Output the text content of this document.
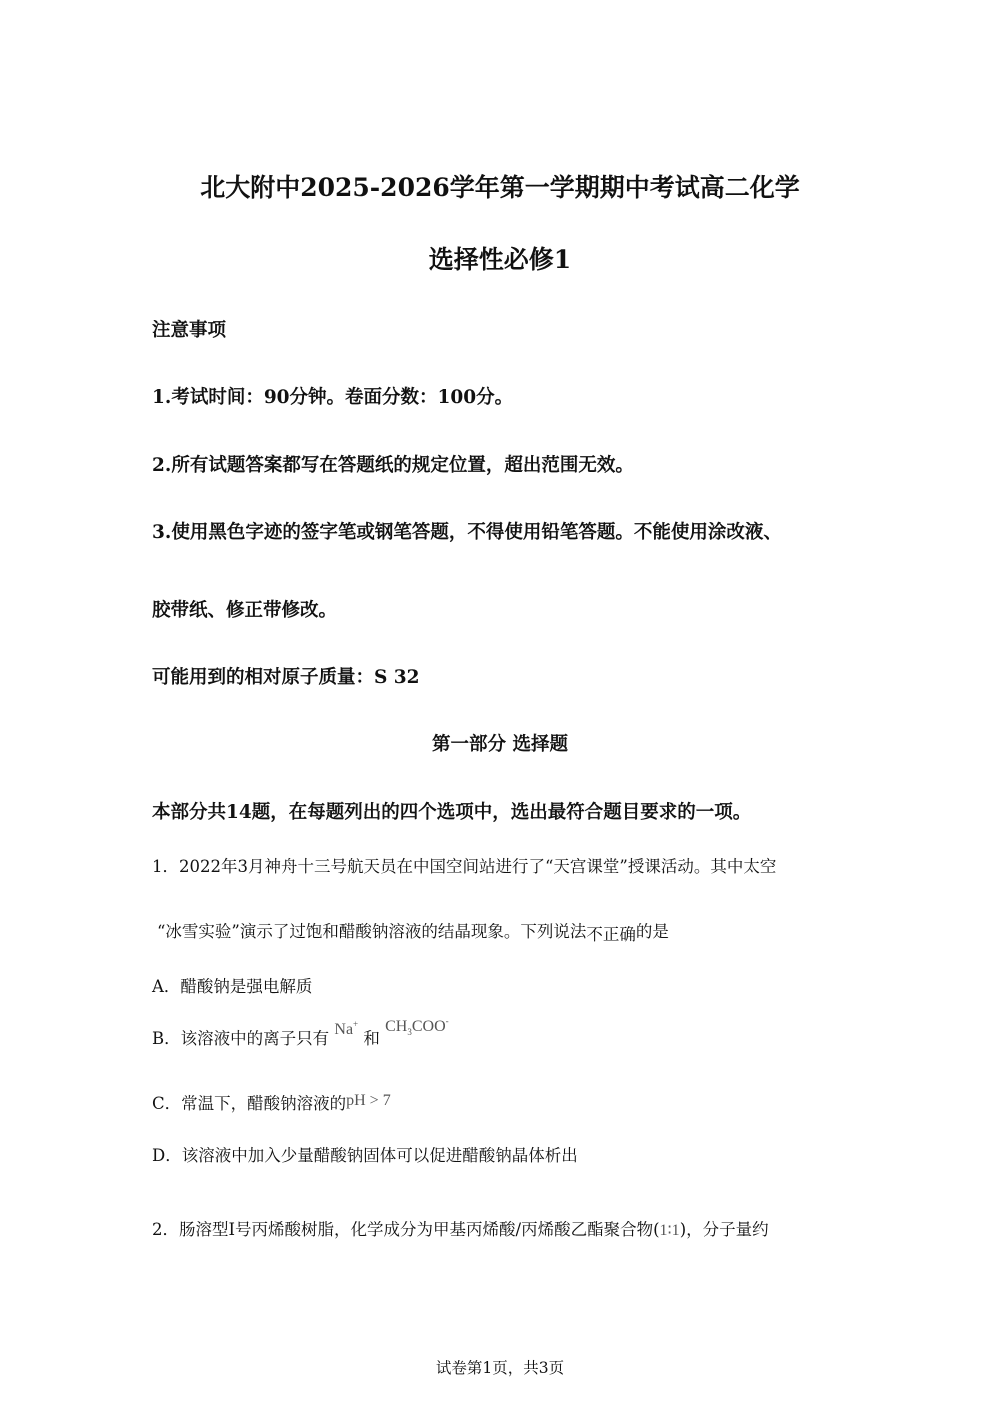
北大附中2025-2026学年第一学期期中考试高二化学
选择性必修1
注意事项
1.考试时间：90分钟。卷面分数：100分。
2.所有试题答案都写在答题纸的规定位置，超出范围无效。
3.使用黑色字迹的签字笔或钢笔答题，不得使用铅笔答题。不能使用涂改液、
胶带纸、修正带修改。
可能用到的相对原子质量：S 32
第一部分 选择题
本部分共14题，在每题列出的四个选项中，选出最符合题目要求的一项。
1．2022年3月神舟十三号航天员在中国空间站进行了“天宫课堂”授课活动。其中太空
“冰雪实验”演示了过饱和醋酸钠溶液的结晶现象。下列说法不正确的是
A．醋酸钠是强电解质
B．该溶液中的离子只有 Na+ 和 $CH_3COO^-$
C．常温下，醋酸钠溶液的pH > 7
D．该溶液中加入少量醋酸钠固体可以促进醋酸钠晶体析出
2．肠溶型Ⅰ号丙烯酸树脂，化学成分为甲基丙烯酸/丙烯酸乙酯聚合物(1∶1)，分子量约
试卷第1页，共3页
